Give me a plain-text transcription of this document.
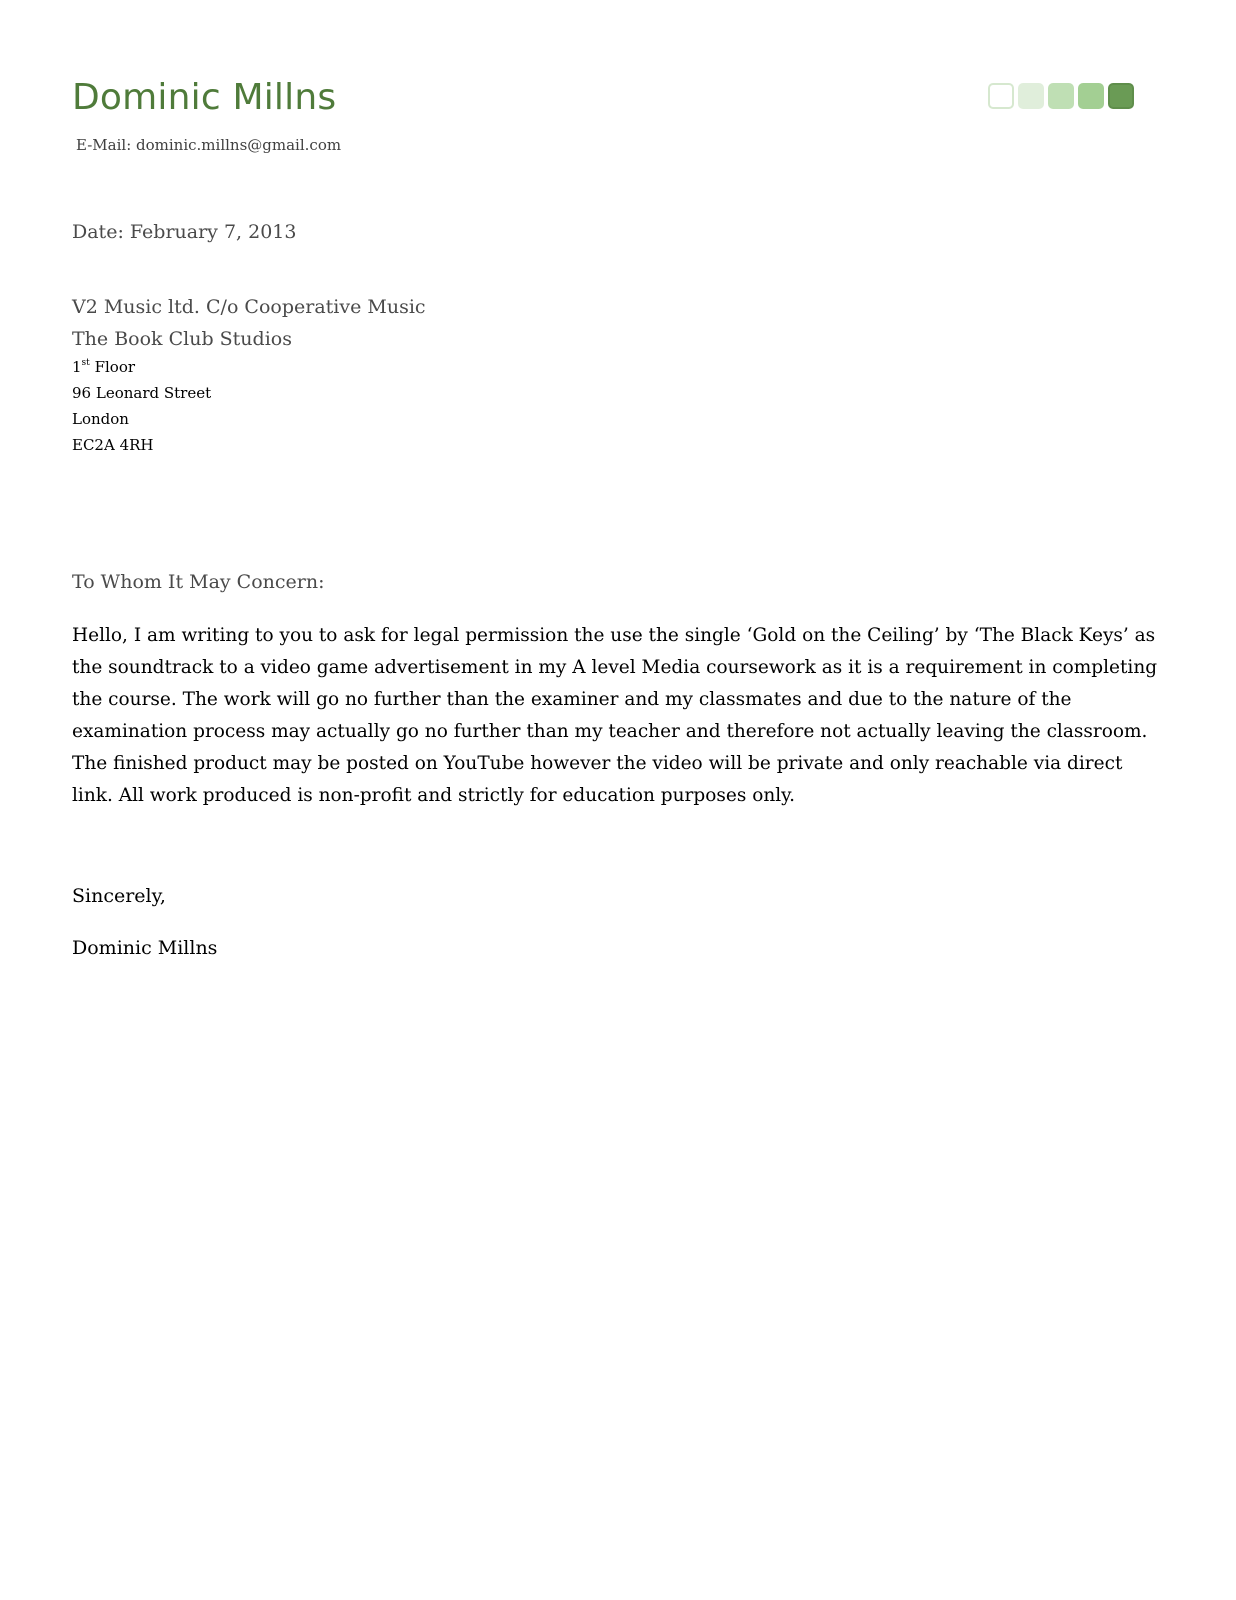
Dominic Millns
E-Mail: dominic.millns@gmail.com
Date: February 7, 2013
V2 Music ltd. C/o Cooperative Music
The Book Club Studios
1st Floor
96 Leonard Street
London
EC2A 4RH
To Whom It May Concern:
Hello, I am writing to you to ask for legal permission the use the single ‘Gold on the Ceiling’ by ‘The Black Keys’ as
the soundtrack to a video game advertisement in my A level Media coursework as it is a requirement in completing
the course. The work will go no further than the examiner and my classmates and due to the nature of the
examination process may actually go no further than my teacher and therefore not actually leaving the classroom.
The finished product may be posted on YouTube however the video will be private and only reachable via direct
link. All work produced is non-profit and strictly for education purposes only.
Sincerely,
Dominic Millns
